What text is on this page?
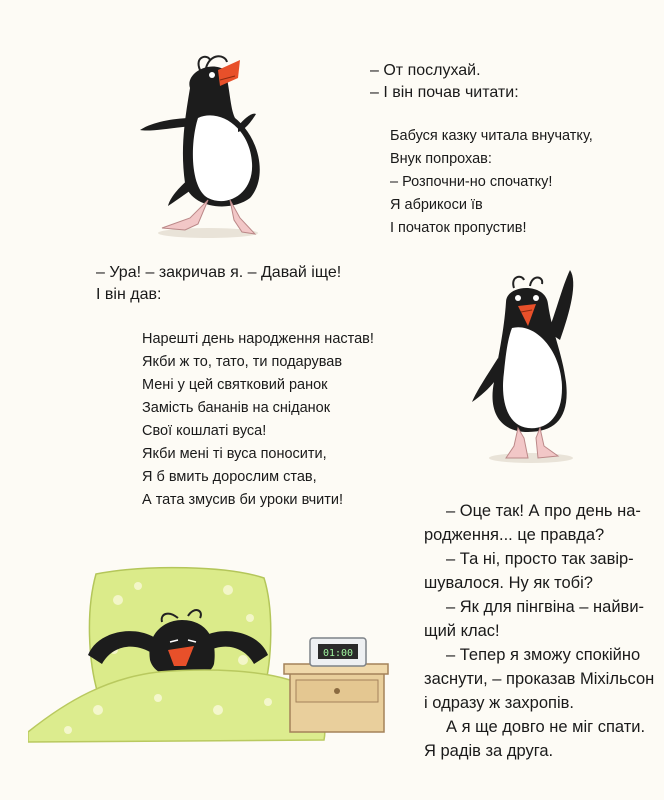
– От послухай.
– І він почав читати:
Бабуся казку читала внучатку,
Внук попрохав:
– Розпочни-но спочатку!
Я абрикоси їв
І початок пропустив!
– Ура! – закричав я. – Давай іще!
І він дав:
Нарешті день народження настав!
Якби ж то, тато, ти подарував
Мені у цей святковий ранок
Замість бананів на сніданок
Свої кошлаті вуса!
Якби мені ті вуса поносити,
Я б вмить дорослим став,
А тата змусив би уроки вчити!
– Оце так! А про день на-
родження... це правда?
– Та ні, просто так завір-
шувалося. Ну як тобі?
– Як для пінгвіна – найви-
щий клас!
– Тепер я зможу спокійно
заснути, – проказав Міхільсон
і одразу ж захропів.
А я ще довго не міг спати.
Я радів за друга.
01:00
